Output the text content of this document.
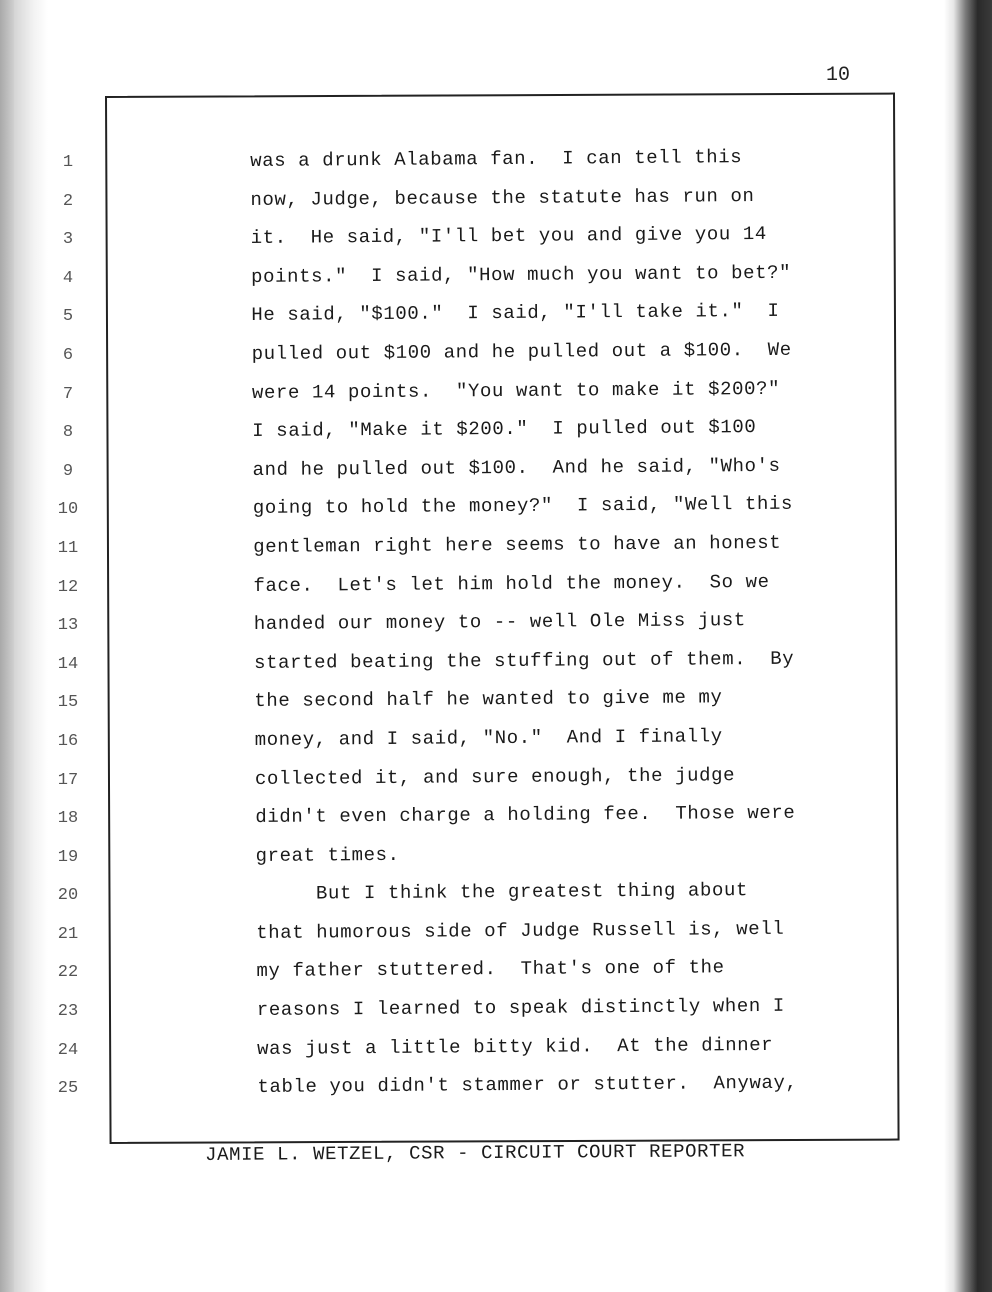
10
1
2
3
4
5
6
7
8
9
10
11
12
13
14
15
16
17
18
19
20
21
22
23
24
25
was a drunk Alabama fan.  I can tell this
now, Judge, because the statute has run on
it.  He said, "I'll bet you and give you 14
points."  I said, "How much you want to bet?"
He said, "$100."  I said, "I'll take it."  I
pulled out $100 and he pulled out a $100.  We
were 14 points.  "You want to make it $200?"
I said, "Make it $200."  I pulled out $100
and he pulled out $100.  And he said, "Who's
going to hold the money?"  I said, "Well this
gentleman right here seems to have an honest
face.  Let's let him hold the money.  So we
handed our money to -- well Ole Miss just
started beating the stuffing out of them.  By
the second half he wanted to give me my
money, and I said, "No."  And I finally
collected it, and sure enough, the judge
didn't even charge a holding fee.  Those were
great times.
But I think the greatest thing about
that humorous side of Judge Russell is, well
my father stuttered.  That's one of the
reasons I learned to speak distinctly when I
was just a little bitty kid.  At the dinner
table you didn't stammer or stutter.  Anyway,
JAMIE L. WETZEL, CSR - CIRCUIT COURT REPORTER
